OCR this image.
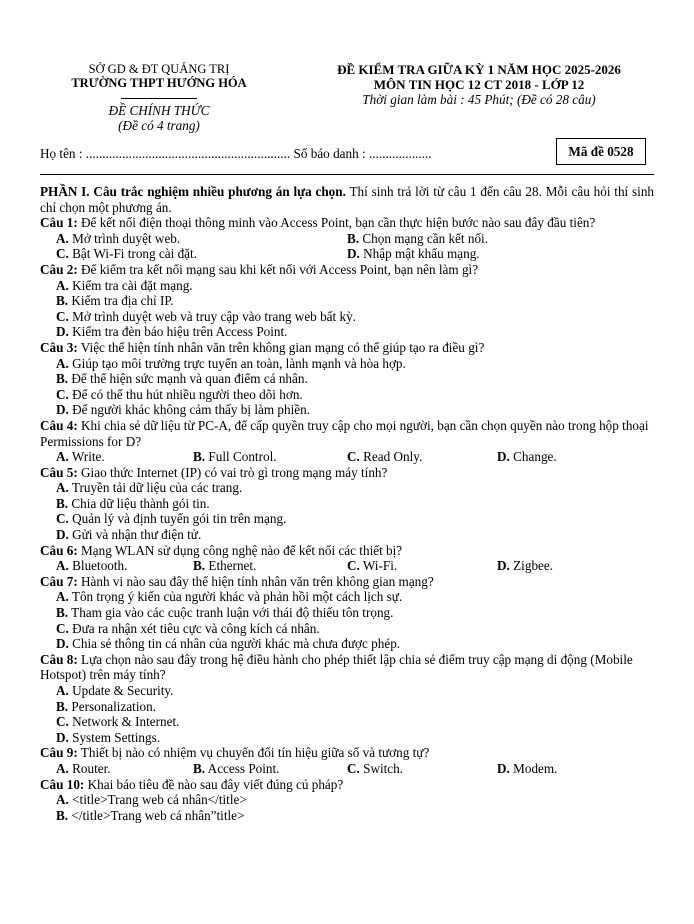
SỞ GD & ĐT QUẢNG TRỊ
TRƯỜNG THPT HƯỚNG HÓA
ĐỀ CHÍNH THỨC
(Đề có 4 trang)
ĐỀ KIỂM TRA GIỮA KỲ 1 NĂM HỌC 2025-2026
MÔN TIN HỌC 12 CT 2018 - LỚP 12
Thời gian làm bài : 45 Phút; (Đề có 28 câu)
Họ tên : .............................................................. Số báo danh : ...................	Mã đề 0528

PHẦN I. Câu trắc nghiệm nhiều phương án lựa chọn. Thí sinh trả lời từ câu 1 đến câu 28. Mỗi câu hỏi thí sinh chỉ chọn một phương án.

Câu 1: Để kết nối điện thoại thông minh vào Access Point, bạn cần thực hiện bước nào sau đây đầu tiên?

A. Mở trình duyệt web.	B. Chọn mạng cần kết nối.
C. Bật Wi-Fi trong cài đặt.	D. Nhập mật khẩu mạng.

Câu 2: Để kiểm tra kết nối mạng sau khi kết nối với Access Point, bạn nên làm gì?

A. Kiểm tra cài đặt mạng.

B. Kiểm tra địa chỉ IP.

C. Mở trình duyệt web và truy cập vào trang web bất kỳ.

D. Kiểm tra đèn báo hiệu trên Access Point.

Câu 3: Việc thể hiện tính nhân văn trên không gian mạng có thể giúp tạo ra điều gì?

A. Giúp tạo môi trường trực tuyến an toàn, lành mạnh và hòa hợp.

B. Để thể hiện sức mạnh và quan điểm cá nhân.

C. Để có thể thu hút nhiều người theo dõi hơn.

D. Để người khác không cảm thấy bị làm phiền.

Câu 4: Khi chia sẻ dữ liệu từ PC-A, để cấp quyền truy cập cho mọi người, bạn cần chọn quyền nào trong hộp thoại Permissions for D?

A. Write.	B. Full Control.	C. Read Only.	D. Change.

Câu 5: Giao thức Internet (IP) có vai trò gì trong mạng máy tính?

A. Truyền tải dữ liệu của các trang.

B. Chia dữ liệu thành gói tin.

C. Quản lý và định tuyến gói tin trên mạng.

D. Gửi và nhận thư điện tử.

Câu 6: Mạng WLAN sử dụng công nghệ nào để kết nối các thiết bị?

A. Bluetooth.	B. Ethernet.	C. Wi-Fi.	D. Zigbee.

Câu 7: Hành vi nào sau đây thể hiện tính nhân văn trên không gian mạng?

A. Tôn trọng ý kiến của người khác và phản hồi một cách lịch sự.

B. Tham gia vào các cuộc tranh luận với thái độ thiếu tôn trọng.

C. Đưa ra nhận xét tiêu cực và công kích cá nhân.

D. Chia sẻ thông tin cá nhân của người khác mà chưa được phép.

Câu 8: Lựa chọn nào sau đây trong hệ điều hành cho phép thiết lập chia sẻ điểm truy cập mạng di động (Mobile Hotspot) trên máy tính?

A. Update & Security.

B. Personalization.

C. Network & Internet.

D. System Settings.

Câu 9: Thiết bị nào có nhiệm vụ chuyển đổi tín hiệu giữa số và tương tự?

A. Router.	B. Access Point.	C. Switch.	D. Modem.

Câu 10: Khai báo tiêu đề nào sau đây viết đúng cú pháp?

A. <title>Trang web cá nhân</title>

B. </title>Trang web cá nhân”title>
